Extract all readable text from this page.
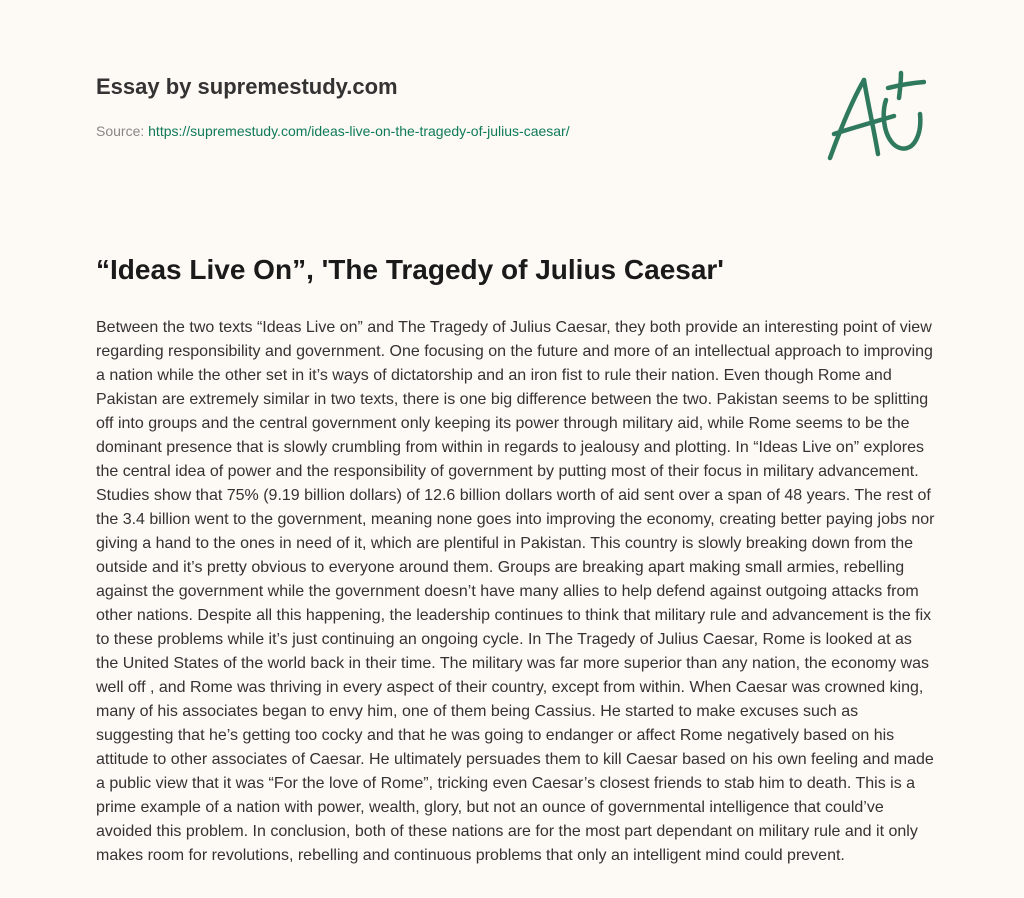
Essay by supremestudy.com
Source: https://supremestudy.com/ideas-live-on-the-tragedy-of-julius-caesar/
“Ideas Live On”, 'The Tragedy of Julius Caesar'

Between the two texts “Ideas Live on” and The Tragedy of Julius Caesar, they both provide an interesting point of view regarding responsibility and government. One focusing on the future and more of an intellectual approach to improving a nation while the other set in it’s ways of dictatorship and an iron fist to rule their nation. Even though Rome and Pakistan are extremely similar in two texts, there is one big difference between the two. Pakistan seems to be splitting off into groups and the central government only keeping its power through military aid, while Rome seems to be the dominant presence that is slowly crumbling from within in regards to jealousy and plotting. In “Ideas Live on” explores the central idea of power and the responsibility of government by putting most of their focus in military advancement. Studies show that 75% (9.19 billion dollars) of 12.6 billion dollars worth of aid sent over a span of 48 years. The rest of the 3.4 billion went to the government, meaning none goes into improving the economy, creating better paying jobs nor giving a hand to the ones in need of it, which are plentiful in Pakistan. This country is slowly breaking down from the outside and it’s pretty obvious to everyone around them. Groups are breaking apart making small armies, rebelling against the government while the government doesn’t have many allies to help defend against outgoing attacks from other nations. Despite all this happening, the leadership continues to think that military rule and advancement is the fix to these problems while it’s just continuing an ongoing cycle. In The Tragedy of Julius Caesar, Rome is looked at as the United States of the world back in their time. The military was far more superior than any nation, the economy was well off , and Rome was thriving in every aspect of their country, except from within. When Caesar was crowned king, many of his associates began to envy him, one of them being Cassius. He started to make excuses such as suggesting that he’s getting too cocky and that he was going to endanger or affect Rome negatively based on his attitude to other associates of Caesar. He ultimately persuades them to kill Caesar based on his own feeling and made a public view that it was “For the love of Rome”, tricking even Caesar’s closest friends to stab him to death. This is a prime example of a nation with power, wealth, glory, but not an ounce of governmental intelligence that could’ve avoided this problem. In conclusion, both of these nations are for the most part dependant on military rule and it only makes room for revolutions, rebelling and continuous problems that only an intelligent mind could prevent.
